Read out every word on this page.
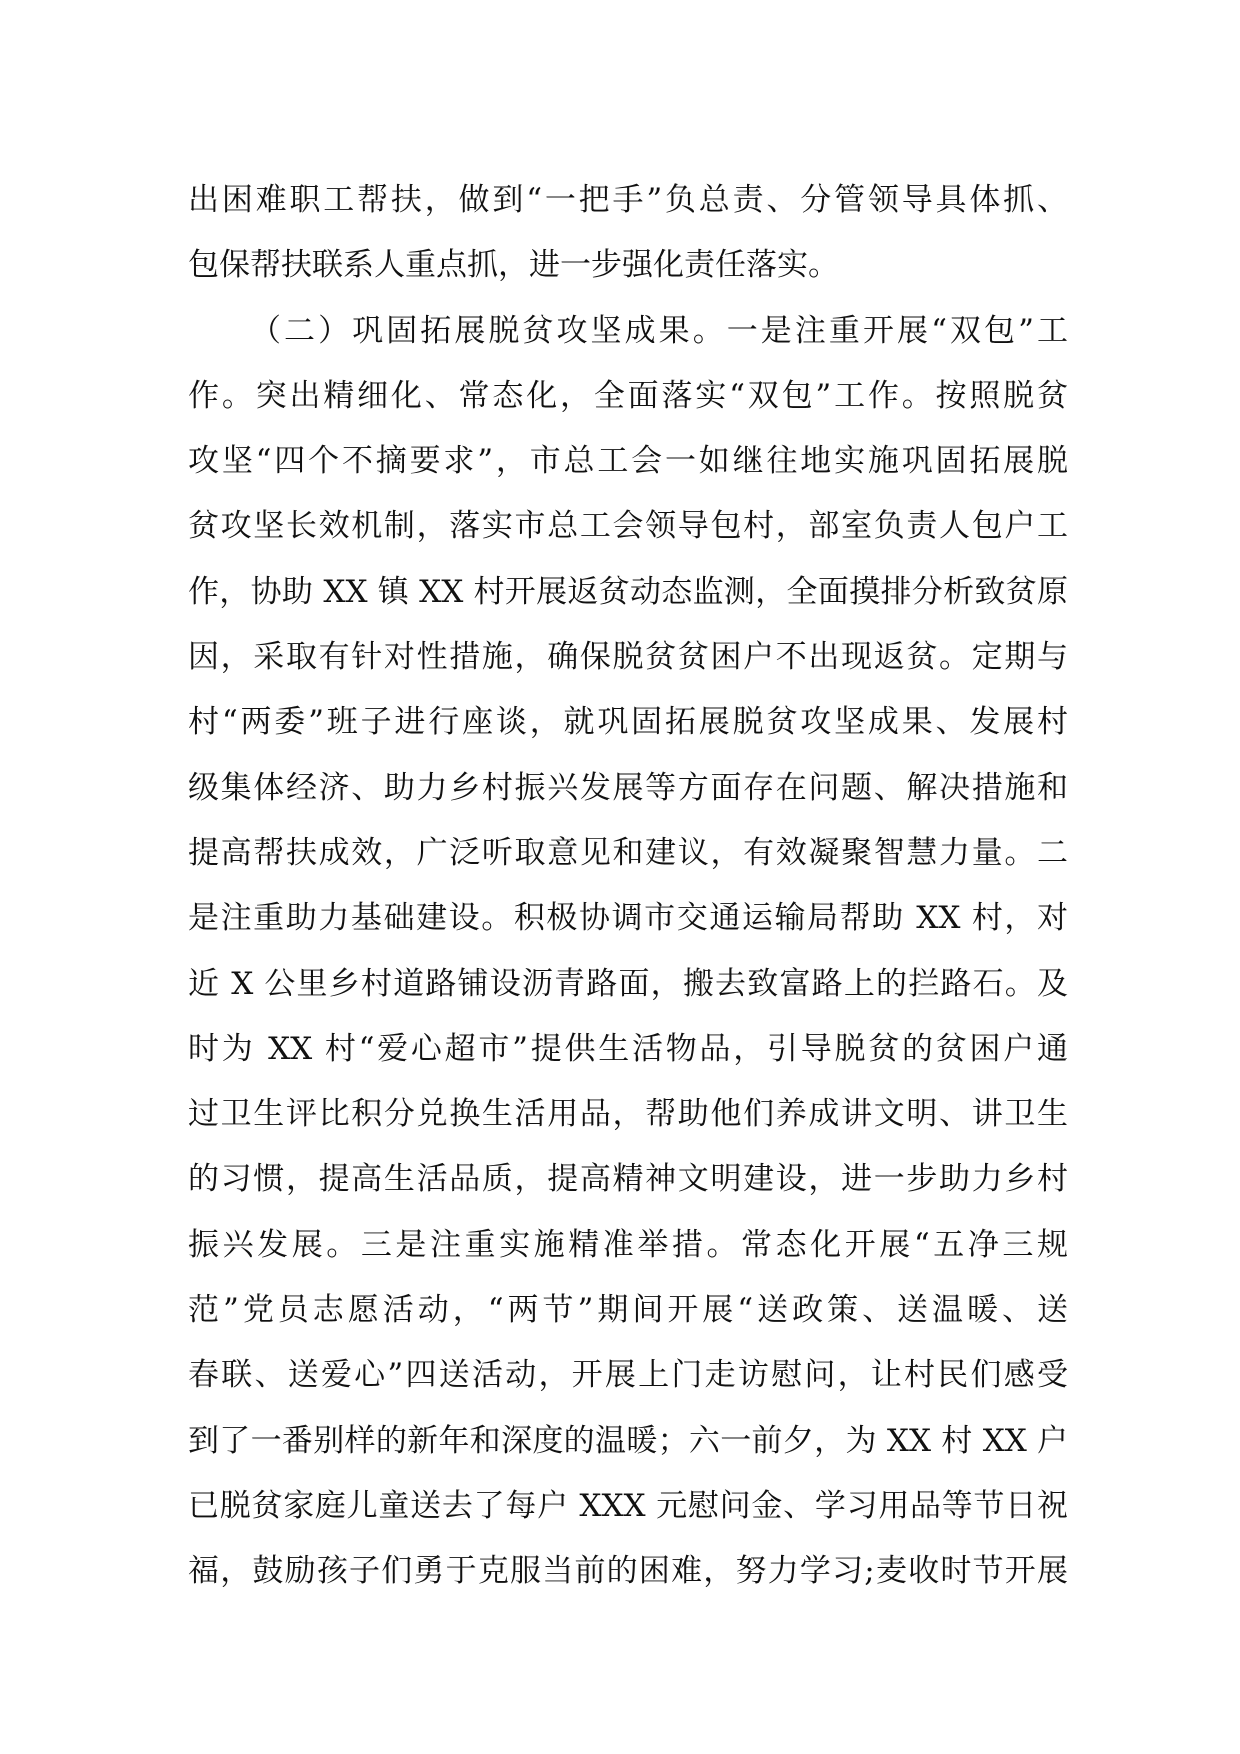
出困难职工帮扶，做到“一把手”负总责、分管领导具体抓、
包保帮扶联系人重点抓，进一步强化责任落实。
（二）巩固拓展脱贫攻坚成果。一是注重开展“双包”工
作。突出精细化、常态化，全面落实“双包”工作。按照脱贫
攻坚“四个不摘要求”，市总工会一如继往地实施巩固拓展脱
贫攻坚长效机制，落实市总工会领导包村，部室负责人包户工
作，协助 XX 镇 XX 村开展返贫动态监测，全面摸排分析致贫原
因，采取有针对性措施，确保脱贫贫困户不出现返贫。定期与
村“两委”班子进行座谈，就巩固拓展脱贫攻坚成果、发展村
级集体经济、助力乡村振兴发展等方面存在问题、解决措施和
提高帮扶成效，广泛听取意见和建议，有效凝聚智慧力量。二
是注重助力基础建设。积极协调市交通运输局帮助 XX 村，对
近 X 公里乡村道路铺设沥青路面，搬去致富路上的拦路石。及
时为 XX 村“爱心超市”提供生活物品，引导脱贫的贫困户通
过卫生评比积分兑换生活用品，帮助他们养成讲文明、讲卫生
的习惯，提高生活品质，提高精神文明建设，进一步助力乡村
振兴发展。三是注重实施精准举措。常态化开展“五净三规
范”党员志愿活动，“两节”期间开展“送政策、送温暖、送
春联、送爱心”四送活动，开展上门走访慰问，让村民们感受
到了一番别样的新年和深度的温暖；六一前夕，为 XX 村 XX 户
已脱贫家庭儿童送去了每户 XXX 元慰问金、学习用品等节日祝
福，鼓励孩子们勇于克服当前的困难，努力学习;麦收时节开展
